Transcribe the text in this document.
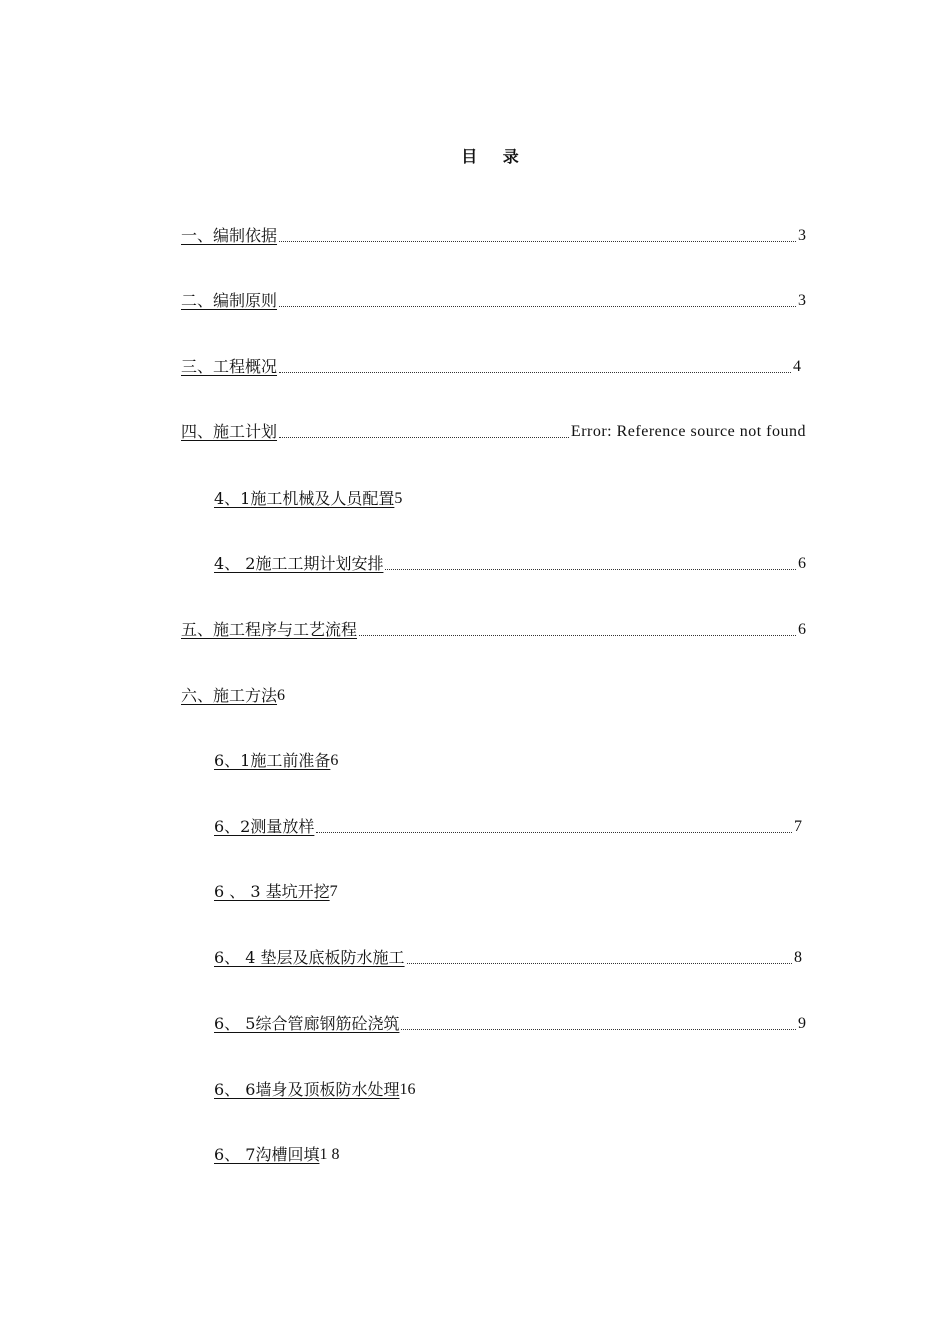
目 录
一、编制依据	3
二、编制原则	3
三、工程概况	4
四、施工计划	Error: Reference source not found
4、1施工机械及人员配置 5
4、 2施工工期计划安排	6
五、施工程序与工艺流程	6
六、施工方法 6
6、1施工前准备 6
6、2测量放样	7
6 、 3 基坑开挖 7
6、 4 垫层及底板防水施工	8
6、 5综合管廊钢筋砼浇筑	9
6、 6墙身及顶板防水处理 16
6、 7沟槽回填 1 8
